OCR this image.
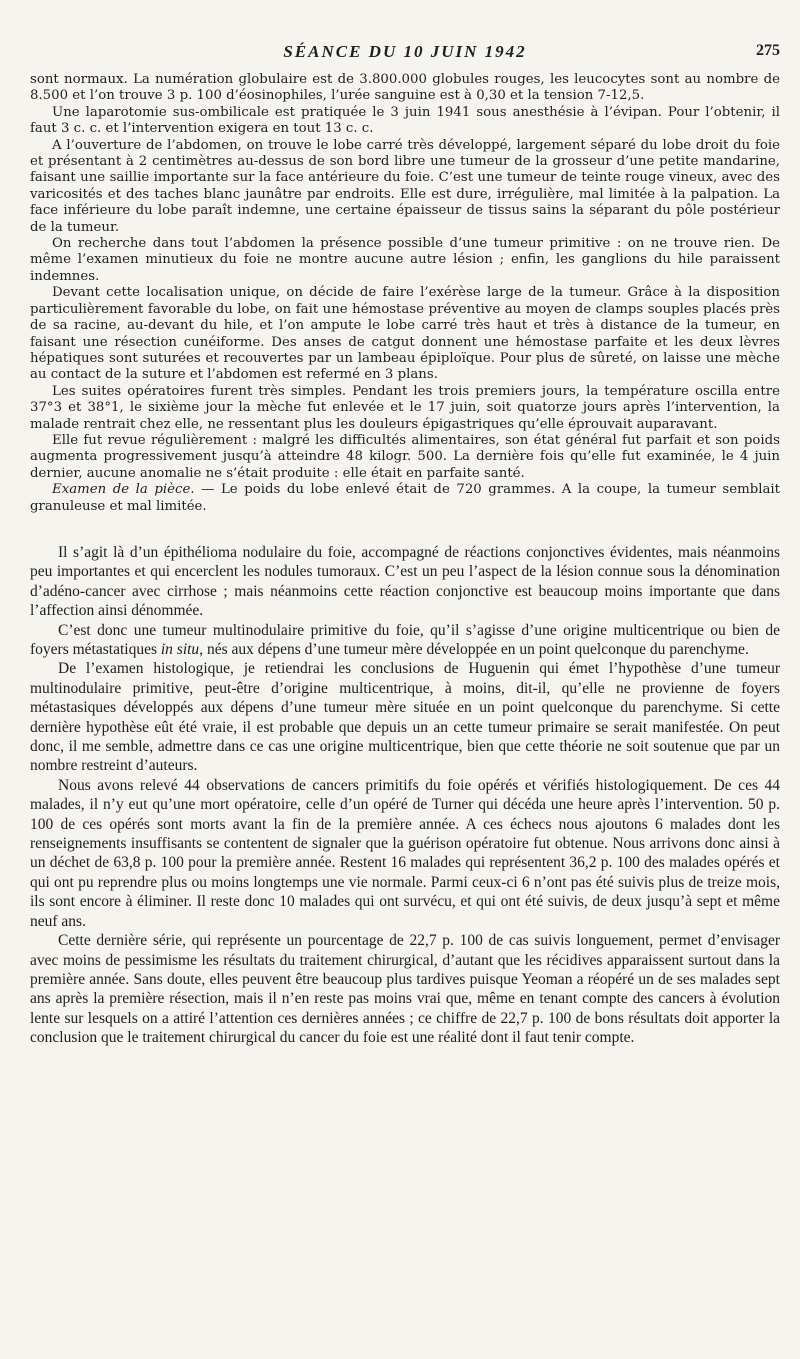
SÉANCE DU 10 JUIN 1942	275

sont normaux. La numération globulaire est de 3.800.000 globules rouges, les leucocytes sont au nombre de 8.500 et l’on trouve 3 p. 100 d’éosinophiles, l’urée sanguine est à 0,30 et la tension 7-12,5.

Une laparotomie sus-ombilicale est pratiquée le 3 juin 1941 sous anesthésie à l’évipan. Pour l’obtenir, il faut 3 c. c. et l’intervention exigera en tout 13 c. c.

A l’ouverture de l’abdomen, on trouve le lobe carré très développé, largement séparé du lobe droit du foie et présentant à 2 centimètres au-dessus de son bord libre une tumeur de la grosseur d’une petite mandarine, faisant une saillie importante sur la face antérieure du foie. C’est une tumeur de teinte rouge vineux, avec des varicosités et des taches blanc jaunâtre par endroits. Elle est dure, irrégulière, mal limitée à la palpation. La face inférieure du lobe paraît indemne, une certaine épaisseur de tissus sains la séparant du pôle postérieur de la tumeur.

On recherche dans tout l’abdomen la présence possible d’une tumeur primitive : on ne trouve rien. De même l’examen minutieux du foie ne montre aucune autre lésion ; enfin, les ganglions du hile paraissent indemnes.

Devant cette localisation unique, on décide de faire l’exérèse large de la tumeur. Grâce à la disposition particulièrement favorable du lobe, on fait une hémostase préventive au moyen de clamps souples placés près de sa racine, au-devant du hile, et l’on ampute le lobe carré très haut et très à distance de la tumeur, en faisant une résection cunéiforme. Des anses de catgut donnent une hémostase parfaite et les deux lèvres hépatiques sont suturées et recouvertes par un lambeau épiploïque. Pour plus de sûreté, on laisse une mèche au contact de la suture et l’abdomen est refermé en 3 plans.

Les suites opératoires furent très simples. Pendant les trois premiers jours, la température oscilla entre 37°3 et 38°1, le sixième jour la mèche fut enlevée et le 17 juin, soit quatorze jours après l’intervention, la malade rentrait chez elle, ne ressentant plus les douleurs épigastriques qu’elle éprouvait auparavant.

Elle fut revue régulièrement : malgré les difficultés alimentaires, son état général fut parfait et son poids augmenta progressivement jusqu’à atteindre 48 kilogr. 500. La dernière fois qu’elle fut examinée, le 4 juin dernier, aucune anomalie ne s’était produite : elle était en parfaite santé.

Examen de la pièce. — Le poids du lobe enlevé était de 720 grammes. A la coupe, la tumeur semblait granuleuse et mal limitée.

Il s’agit là d’un épithélioma nodulaire du foie, accompagné de réactions conjonctives évidentes, mais néanmoins peu importantes et qui encerclent les nodules tumoraux. C’est un peu l’aspect de la lésion connue sous la dénomination d’adéno-cancer avec cirrhose ; mais néanmoins cette réaction conjonctive est beaucoup moins importante que dans l’affection ainsi dénommée.

C’est donc une tumeur multinodulaire primitive du foie, qu’il s’agisse d’une origine multicentrique ou bien de foyers métastatiques in situ, nés aux dépens d’une tumeur mère développée en un point quelconque du parenchyme.

De l’examen histologique, je retiendrai les conclusions de Huguenin qui émet l’hypothèse d’une tumeur multinodulaire primitive, peut-être d’origine multicentrique, à moins, dit-il, qu’elle ne provienne de foyers métastasiques développés aux dépens d’une tumeur mère située en un point quelconque du parenchyme. Si cette dernière hypothèse eût été vraie, il est probable que depuis un an cette tumeur primaire se serait manifestée. On peut donc, il me semble, admettre dans ce cas une origine multicentrique, bien que cette théorie ne soit soutenue que par un nombre restreint d’auteurs.

Nous avons relevé 44 observations de cancers primitifs du foie opérés et vérifiés histologiquement. De ces 44 malades, il n’y eut qu’une mort opératoire, celle d’un opéré de Turner qui décéda une heure après l’intervention. 50 p. 100 de ces opérés sont morts avant la fin de la première année. A ces échecs nous ajoutons 6 malades dont les renseignements insuffisants se contentent de signaler que la guérison opératoire fut obtenue. Nous arrivons donc ainsi à un déchet de 63,8 p. 100 pour la première année. Restent 16 malades qui représentent 36,2 p. 100 des malades opérés et qui ont pu reprendre plus ou moins longtemps une vie normale. Parmi ceux-ci 6 n’ont pas été suivis plus de treize mois, ils sont encore à éliminer. Il reste donc 10 malades qui ont survécu, et qui ont été suivis, de deux jusqu’à sept et même neuf ans.

Cette dernière série, qui représente un pourcentage de 22,7 p. 100 de cas suivis longuement, permet d’envisager avec moins de pessimisme les résultats du traitement chirurgical, d’autant que les récidives apparaissent surtout dans la première année. Sans doute, elles peuvent être beaucoup plus tardives puisque Yeoman a réopéré un de ses malades sept ans après la première résection, mais il n’en reste pas moins vrai que, même en tenant compte des cancers à évolution lente sur lesquels on a attiré l’attention ces dernières années ; ce chiffre de 22,7 p. 100 de bons résultats doit apporter la conclusion que le traitement chirurgical du cancer du foie est une réalité dont il faut tenir compte.
